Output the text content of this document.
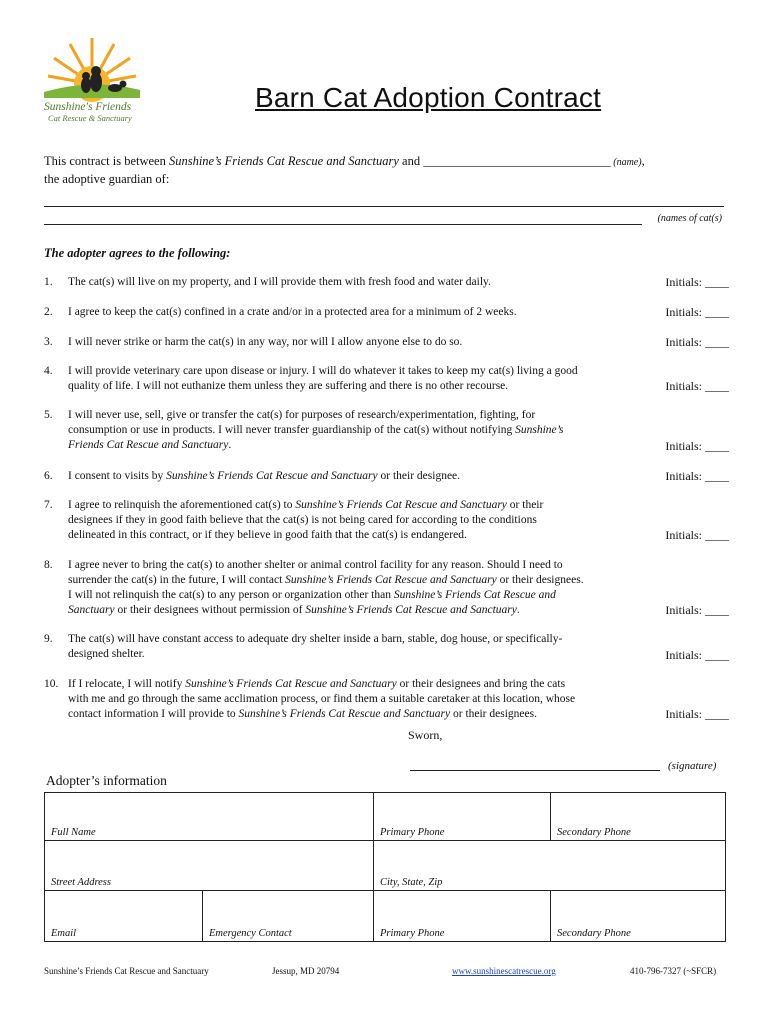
Sunshine's Friends
Cat Rescue & Sanctuary
Barn Cat Adoption Contract
This contract is between Sunshine’s Friends Cat Rescue and Sanctuary and ______________________________ (name),
the adoptive guardian of:
(names of cat(s)
The adopter agrees to the following:
1. The cat(s) will live on my property, and I will provide them with fresh food and water daily.	Initials: ____
2. I agree to keep the cat(s) confined in a crate and/or in a protected area for a minimum of 2 weeks.	Initials: ____
3. I will never strike or harm the cat(s) in any way, nor will I allow anyone else to do so.	Initials: ____
4. I will provide veterinary care upon disease or injury. I will do whatever it takes to keep my cat(s) living a good
quality of life. I will not euthanize them unless they are suffering and there is no other recourse.	Initials: ____
5. I will never use, sell, give or transfer the cat(s) for purposes of research/experimentation, fighting, for
consumption or use in products. I will never transfer guardianship of the cat(s) without notifying Sunshine’s
Friends Cat Rescue and Sanctuary.	Initials: ____
6. I consent to visits by Sunshine’s Friends Cat Rescue and Sanctuary or their designee.	Initials: ____
7. I agree to relinquish the aforementioned cat(s) to Sunshine’s Friends Cat Rescue and Sanctuary or their
designees if they in good faith believe that the cat(s) is not being cared for according to the conditions
delineated in this contract, or if they believe in good faith that the cat(s) is endangered.	Initials: ____
8. I agree never to bring the cat(s) to another shelter or animal control facility for any reason. Should I need to
surrender the cat(s) in the future, I will contact Sunshine’s Friends Cat Rescue and Sanctuary or their designees.
I will not relinquish the cat(s) to any person or organization other than Sunshine’s Friends Cat Rescue and
Sanctuary or their designees without permission of Sunshine’s Friends Cat Rescue and Sanctuary.	Initials: ____
9. The cat(s) will have constant access to adequate dry shelter inside a barn, stable, dog house, or specifically-
designed shelter.	Initials: ____
10. If I relocate, I will notify Sunshine’s Friends Cat Rescue and Sanctuary or their designees and bring the cats
with me and go through the same acclimation process, or find them a suitable caretaker at this location, whose
contact information I will provide to Sunshine’s Friends Cat Rescue and Sanctuary or their designees.	Initials: ____
Sworn,
(signature)
Adopter’s information
Full Name	Primary Phone	Secondary Phone
Street Address	City, State, Zip
Email	Emergency Contact	Primary Phone	Secondary Phone
Sunshine’s Friends Cat Rescue and Sanctuary	Jessup, MD 20794	www.sunshinescatrescue.org	410-796-7327 (~SFCR)
